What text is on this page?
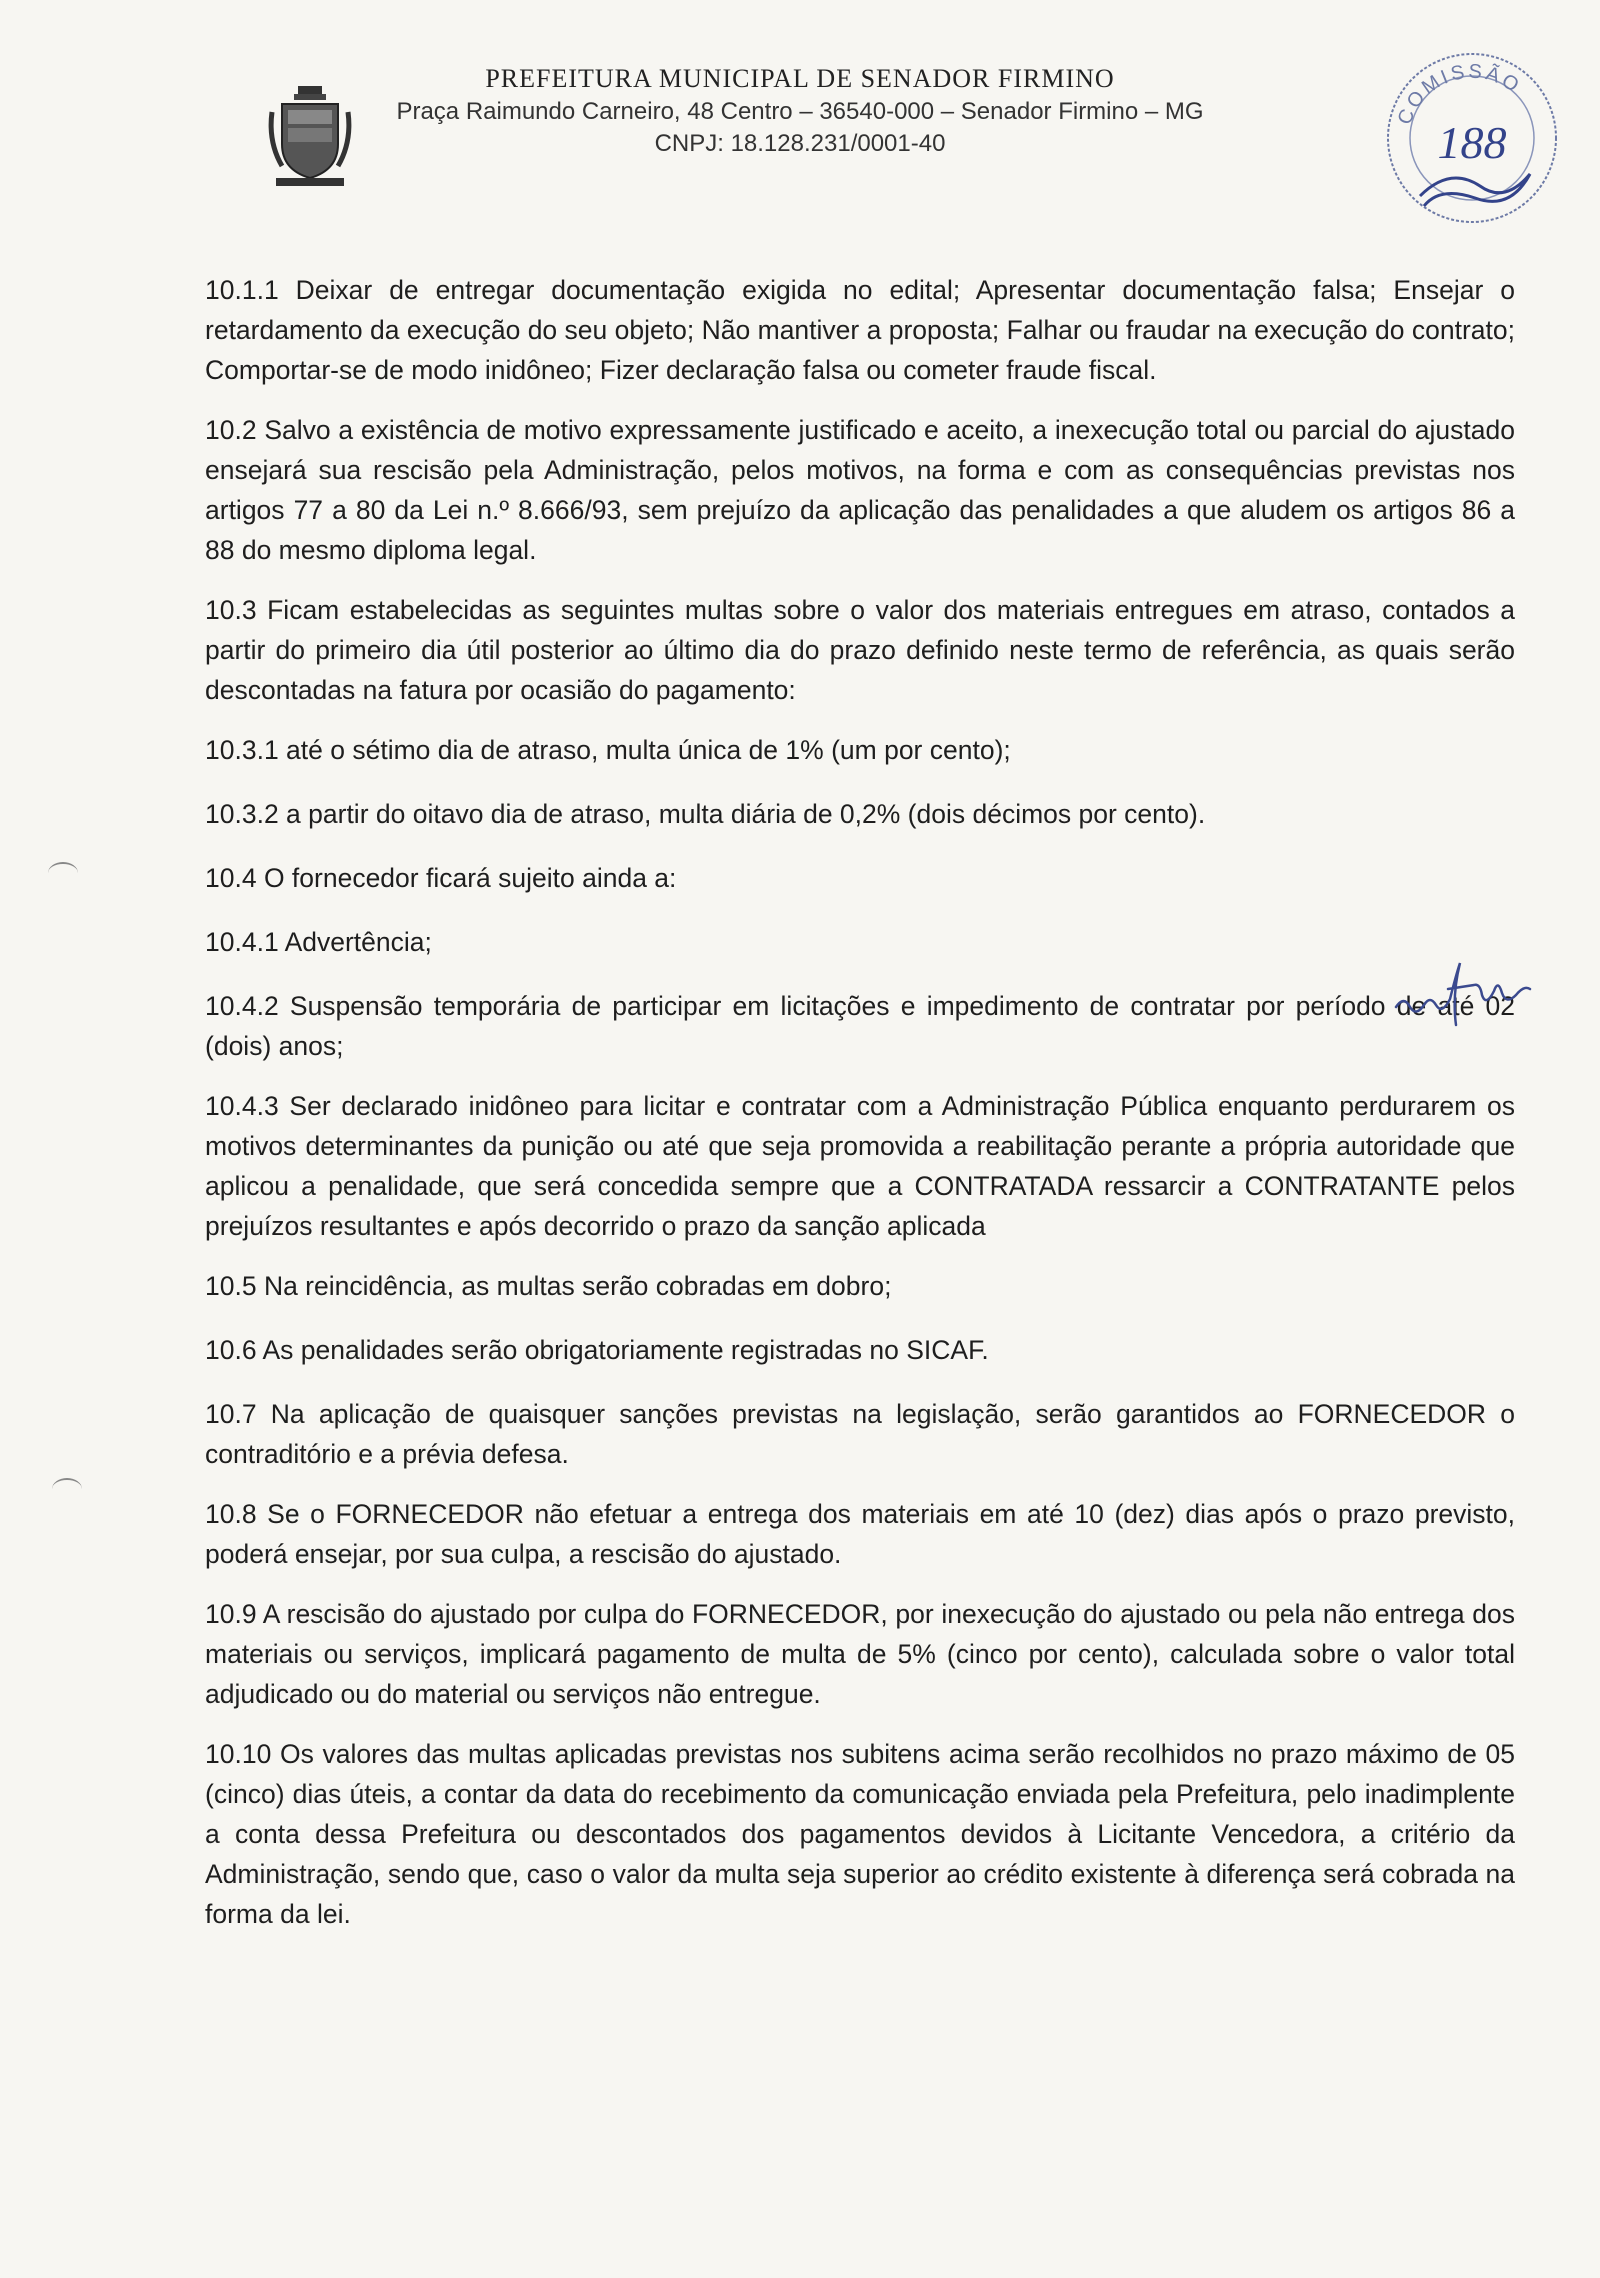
PREFEITURA MUNICIPAL DE SENADOR FIRMINO
Praça Raimundo Carneiro, 48 Centro – 36540-000 – Senador Firmino – MG
CNPJ: 18.128.231/0001-40
COMISSÃO
188

10.1.1 Deixar de entregar documentação exigida no edital; Apresentar documentação falsa; Ensejar o retardamento da execução do seu objeto; Não mantiver a proposta; Falhar ou fraudar na execução do contrato; Comportar-se de modo inidôneo; Fizer declaração falsa ou cometer fraude fiscal.

10.2 Salvo a existência de motivo expressamente justificado e aceito, a inexecução total ou parcial do ajustado ensejará sua rescisão pela Administração, pelos motivos, na forma e com as consequências previstas nos artigos 77 a 80 da Lei n.º 8.666/93, sem prejuízo da aplicação das penalidades a que aludem os artigos 86 a 88 do mesmo diploma legal.

10.3 Ficam estabelecidas as seguintes multas sobre o valor dos materiais entregues em atraso, contados a partir do primeiro dia útil posterior ao último dia do prazo definido neste termo de referência, as quais serão descontadas na fatura por ocasião do pagamento:

10.3.1 até o sétimo dia de atraso, multa única de 1% (um por cento);

10.3.2 a partir do oitavo dia de atraso, multa diária de 0,2% (dois décimos por cento).

10.4 O fornecedor ficará sujeito ainda a:

10.4.1 Advertência;

10.4.2 Suspensão temporária de participar em licitações e impedimento de contratar por período de até 02 (dois) anos;

10.4.3 Ser declarado inidôneo para licitar e contratar com a Administração Pública enquanto perdurarem os motivos determinantes da punição ou até que seja promovida a reabilitação perante a própria autoridade que aplicou a penalidade, que será concedida sempre que a CONTRATADA ressarcir a CONTRATANTE pelos prejuízos resultantes e após decorrido o prazo da sanção aplicada

10.5 Na reincidência, as multas serão cobradas em dobro;

10.6 As penalidades serão obrigatoriamente registradas no SICAF.

10.7 Na aplicação de quaisquer sanções previstas na legislação, serão garantidos ao FORNECEDOR o contraditório e a prévia defesa.

10.8 Se o FORNECEDOR não efetuar a entrega dos materiais em até 10 (dez) dias após o prazo previsto, poderá ensejar, por sua culpa, a rescisão do ajustado.

10.9 A rescisão do ajustado por culpa do FORNECEDOR, por inexecução do ajustado ou pela não entrega dos materiais ou serviços, implicará pagamento de multa de 5% (cinco por cento), calculada sobre o valor total adjudicado ou do material ou serviços não entregue.

10.10 Os valores das multas aplicadas previstas nos subitens acima serão recolhidos no prazo máximo de 05 (cinco) dias úteis, a contar da data do recebimento da comunicação enviada pela Prefeitura, pelo inadimplente a conta dessa Prefeitura ou descontados dos pagamentos devidos à Licitante Vencedora, a critério da Administração, sendo que, caso o valor da multa seja superior ao crédito existente à diferença será cobrada na forma da lei.
